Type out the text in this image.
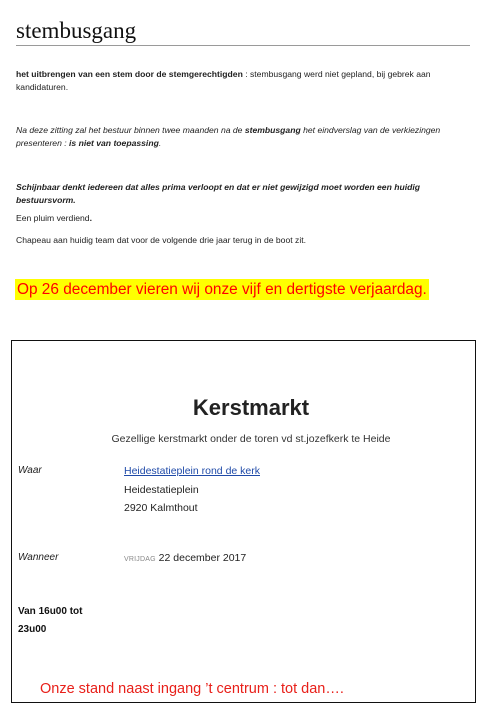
stembusgang
het uitbrengen van een stem door de stemgerechtigden : stembusgang werd niet gepland, bij gebrek aan kandidaturen.
Na deze zitting zal het bestuur binnen twee maanden na de stembusgang het eindverslag van de verkiezingen presenteren : is niet van toepassing.
Schijnbaar denkt iedereen dat alles prima verloopt en dat er niet gewijzigd moet worden een huidig bestuursvorm.
Een pluim verdiend.
Chapeau aan huidig team dat voor de volgende drie jaar terug in de boot zit.
Op 26 december vieren wij onze vijf en dertigste verjaardag.
Kerstmarkt
Gezellige kerstmarkt onder de toren vd st.jozefkerk te Heide
Waar	Heidestatieplein rond de kerk
Heidestatieplein
2920 Kalmthout
Wanneer	VRIJDAG 22 december 2017
Van 16u00 tot
23u00
Onze stand naast ingang ’t centrum : tot dan….
